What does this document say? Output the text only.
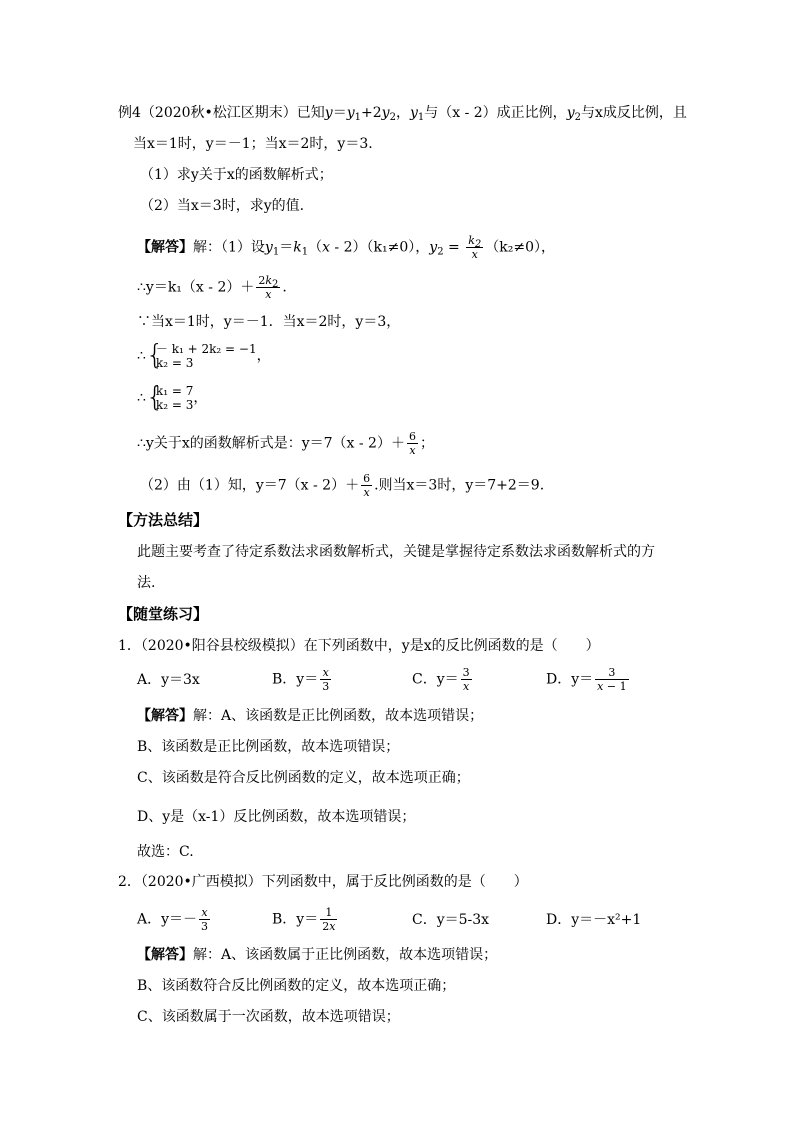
例4（2020秋•松江区期末）已知$y=y_1+2y_2$，$y_1$与（x - 2）成正比例，$y_2$与x成反比例，且
当x＝1时，y＝－1；当x＝2时，y＝3.
（1）求y关于x的函数解析式；
（2）当x＝3时，求y的值.
【解答】解：（1）设$y_1=k_1(x - 2)(k_1\ne 0)$，$y_2 = \frac{k_2}{x} (k_2\ne 0)$，
∴y＝k₁（x - $2)+ \frac{2k_2}{x}$ .
∵当x＝1时，y＝－1．当x＝2时，y＝3，
∴ {
－ k₁ + 2k₂ = −1
k₂ = 3	，
∴ {
k₁ = 7
k₂ = 3 ，
∴y关于x的函数解析式是：$y=7(x - 2)+ \frac{6}{x}$ ；
（2）由（1）知，$y=7(x - 2)+ \frac{6}{x}$ .则当x＝3时，y＝7+2＝9.
【方法总结】
此题主要考查了待定系数法求函数解析式，关键是掌握待定系数法求函数解析式的方
法.
【随堂练习】
1．（2020•阳谷县校级模拟）在下列函数中，y是x的反比例函数的是（　　）
A．y＝3x	B．$y= \frac{x}{3}$	C．$y= \frac{3}{x}$	D．$y= \frac{3}{x - 1}$
【解答】解：A、该函数是正比例函数，故本选项错误；
B、该函数是正比例函数，故本选项错误；
C、该函数是符合反比例函数的定义，故本选项正确；
D、y是（x-1）反比例函数，故本选项错误；
故选：C.
2．（2020•广西模拟）下列函数中，属于反比例函数的是（　　）
A．$y=- \frac{x}{3}$	B．$y= \frac{1}{2x}$	C．y＝5-3x	D．y＝－x²+1
【解答】解：A、该函数属于正比例函数，故本选项错误；
B、该函数符合反比例函数的定义，故本选项正确；
C、该函数属于一次函数，故本选项错误；
